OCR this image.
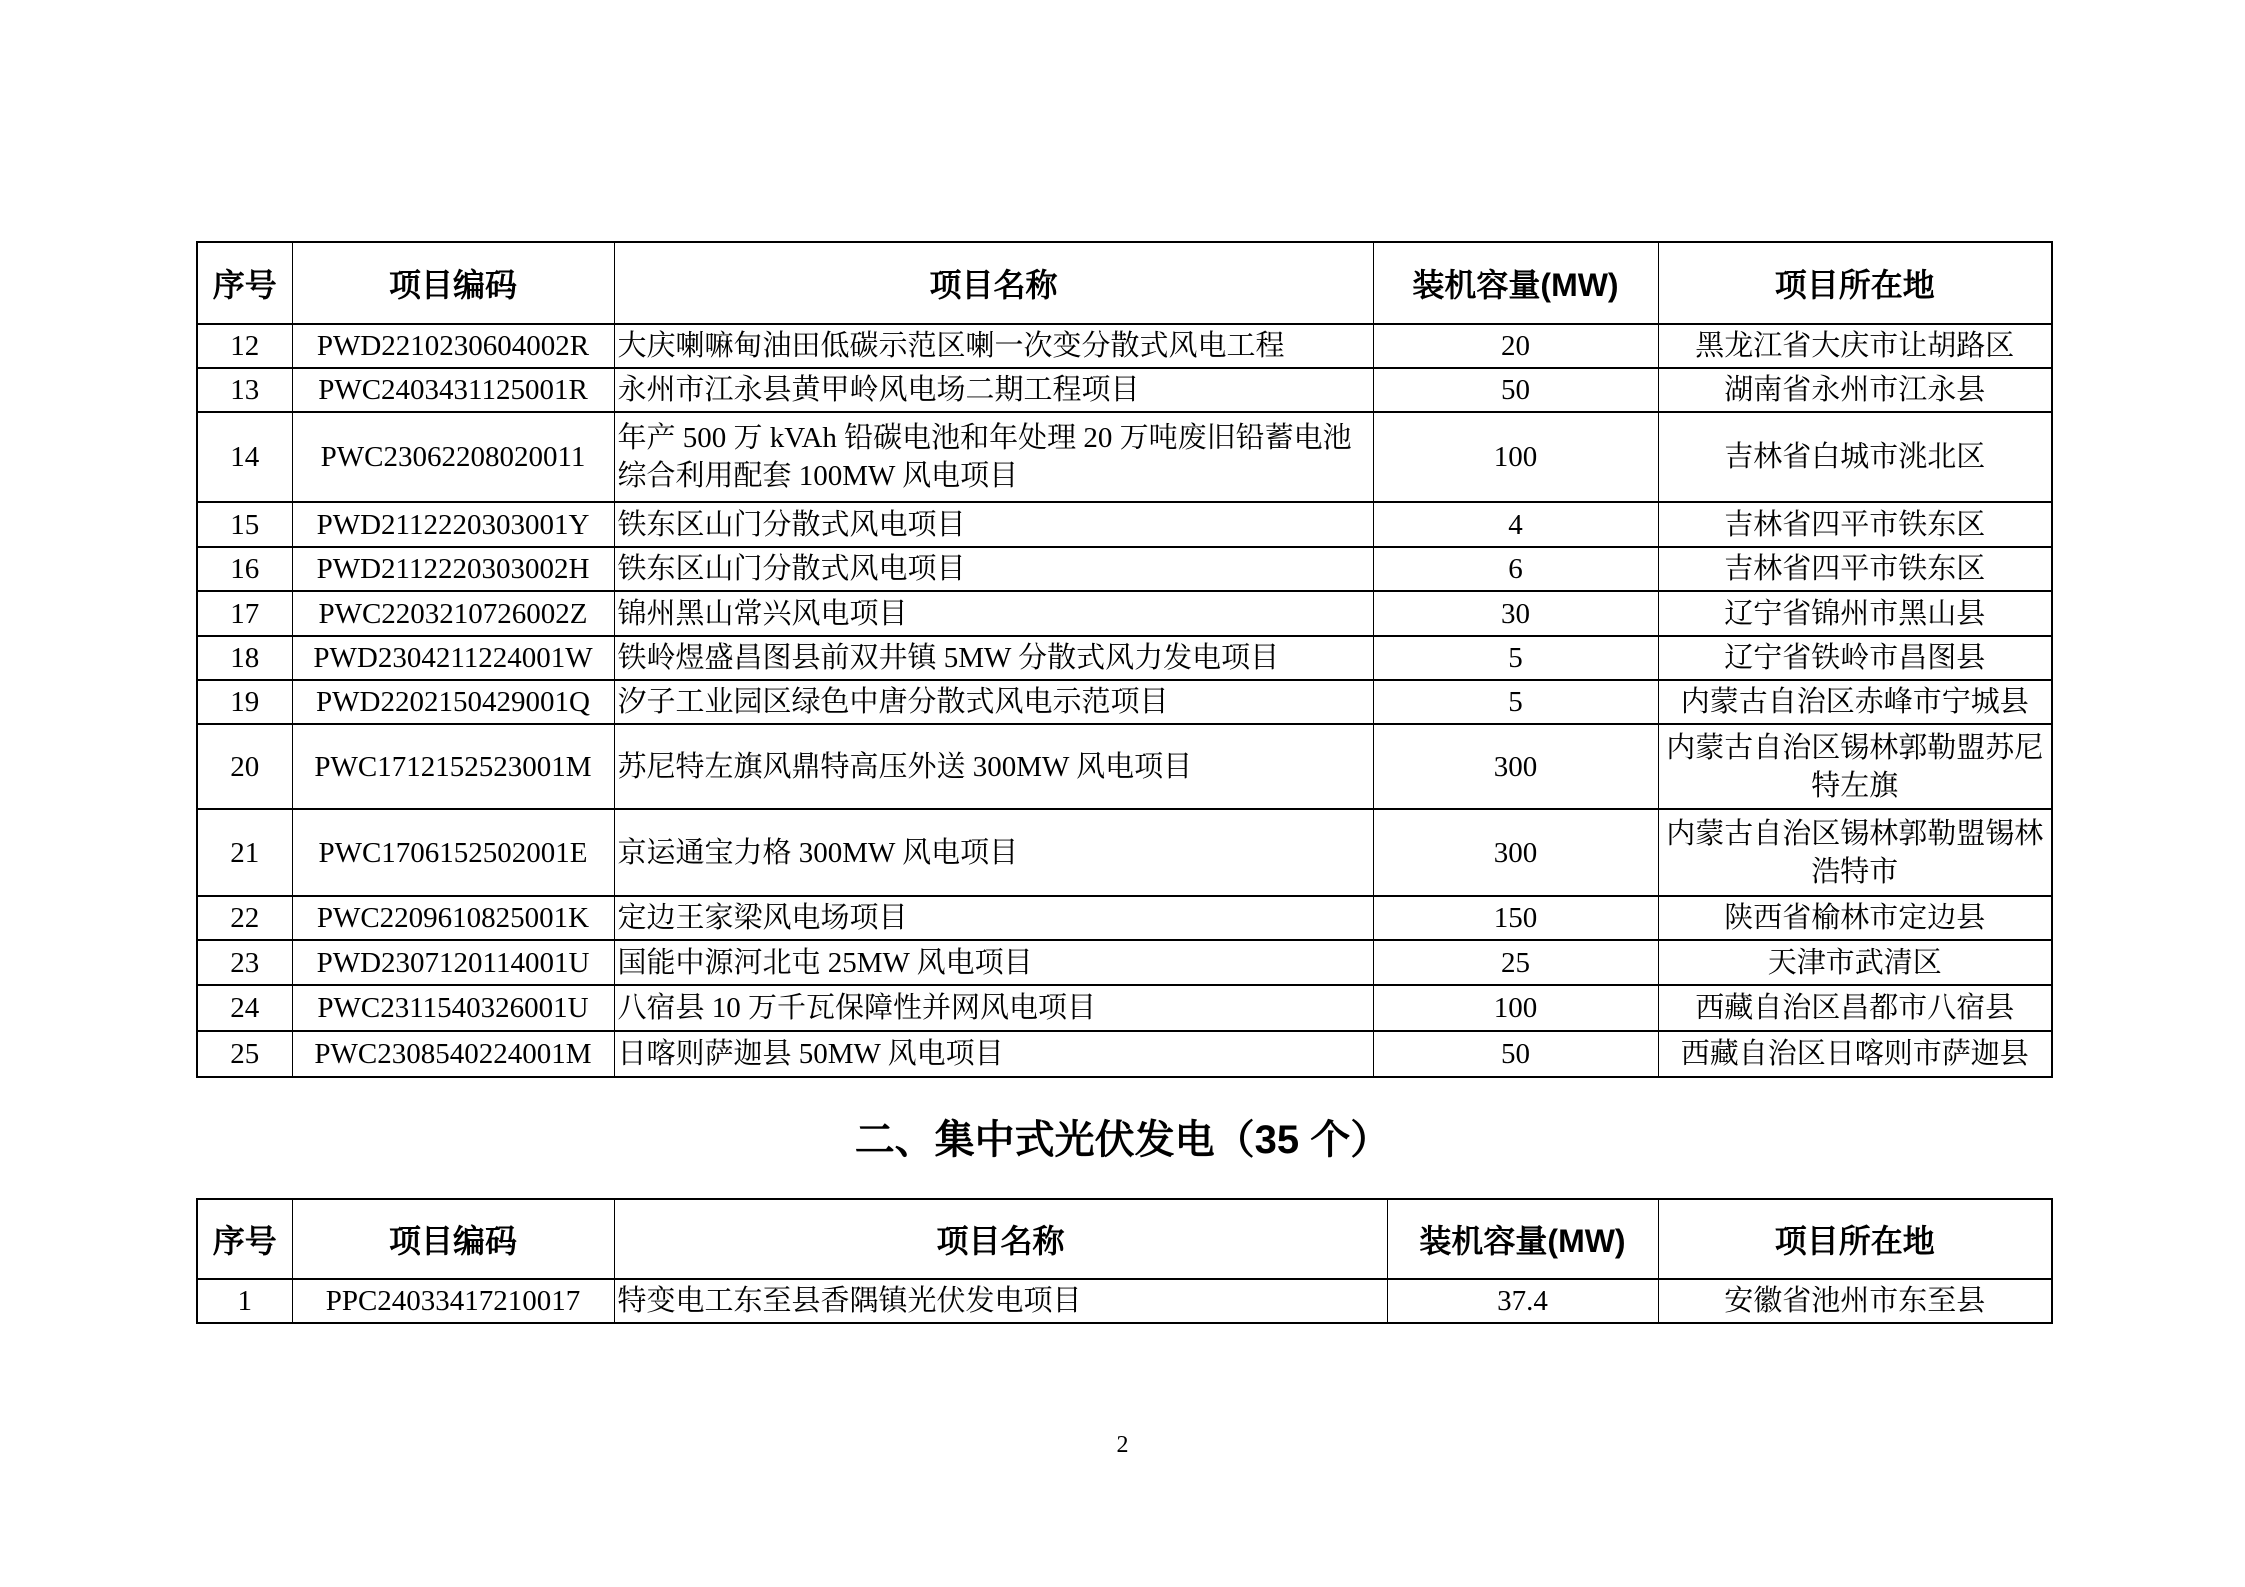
序号	项目编码	项目名称	装机容量(MW)	项目所在地
12	PWD2210230604002R	大庆喇嘛甸油田低碳示范区喇一次变分散式风电工程	20	黑龙江省大庆市让胡路区
13	PWC2403431125001R	永州市江永县黄甲岭风电场二期工程项目	50	湖南省永州市江永县
14	PWC23062208020011	年产 500 万 kVAh 铅碳电池和年处理 20 万吨废旧铅蓄电池综合利用配套 100MW 风电项目	100	吉林省白城市洮北区
15	PWD2112220303001Y	铁东区山门分散式风电项目	4	吉林省四平市铁东区
16	PWD2112220303002H	铁东区山门分散式风电项目	6	吉林省四平市铁东区
17	PWC2203210726002Z	锦州黑山常兴风电项目	30	辽宁省锦州市黑山县
18	PWD2304211224001W	铁岭煜盛昌图县前双井镇 5MW 分散式风力发电项目	5	辽宁省铁岭市昌图县
19	PWD2202150429001Q	汐子工业园区绿色中唐分散式风电示范项目	5	内蒙古自治区赤峰市宁城县
20	PWC1712152523001M	苏尼特左旗风鼎特高压外送 300MW 风电项目	300	内蒙古自治区锡林郭勒盟苏尼特左旗
21	PWC1706152502001E	京运通宝力格 300MW 风电项目	300	内蒙古自治区锡林郭勒盟锡林浩特市
22	PWC2209610825001K	定边王家梁风电场项目	150	陕西省榆林市定边县
23	PWD2307120114001U	国能中源河北屯 25MW 风电项目	25	天津市武清区
24	PWC2311540326001U	八宿县 10 万千瓦保障性并网风电项目	100	西藏自治区昌都市八宿县
25	PWC2308540224001M	日喀则萨迦县 50MW 风电项目	50	西藏自治区日喀则市萨迦县
二、集中式光伏发电（35 个）
序号	项目编码	项目名称	装机容量(MW)	项目所在地
1	PPC24033417210017	特变电工东至县香隅镇光伏发电项目	37.4	安徽省池州市东至县
2
